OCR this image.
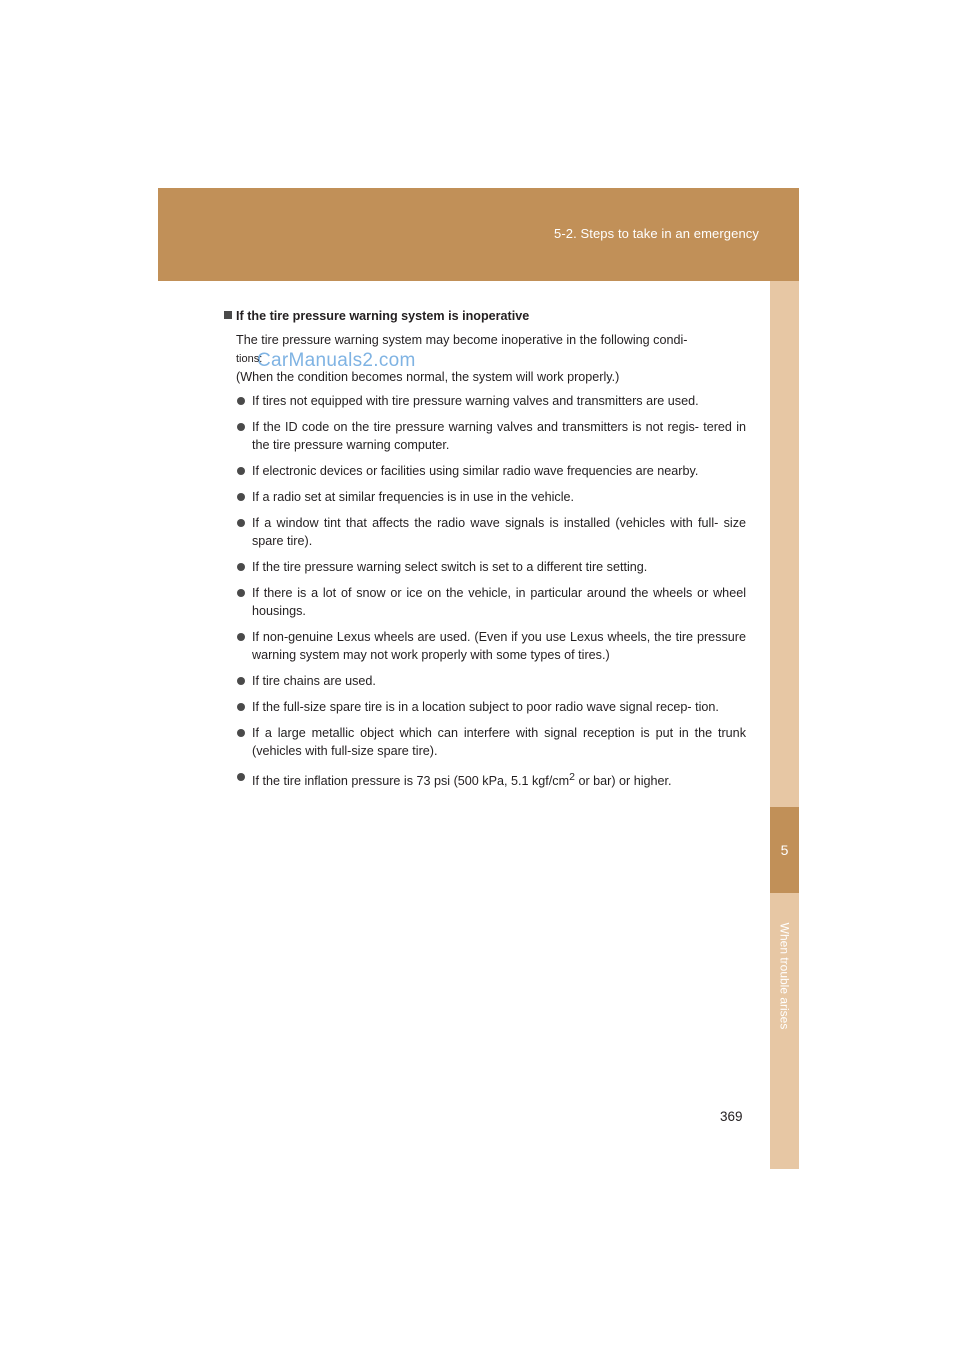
5-2. Steps to take in an emergency
5
When trouble arises
CarManuals2.com
If the tire pressure warning system is inoperative

The tire pressure warning system may become inoperative in the following condi-
tions:
(When the condition becomes normal, the system will work properly.)

If tires not equipped with tire pressure warning valves and transmitters are used.
If the ID code on the tire pressure warning valves and transmitters is not regis- tered in the tire pressure warning computer.
If electronic devices or facilities using similar radio wave frequencies are nearby.
If a radio set at similar frequencies is in use in the vehicle.
If a window tint that affects the radio wave signals is installed (vehicles with full- size spare tire).
If the tire pressure warning select switch is set to a different tire setting.
If there is a lot of snow or ice on the vehicle, in particular around the wheels or wheel housings.
If non-genuine Lexus wheels are used. (Even if you use Lexus wheels, the tire pressure warning system may not work properly with some types of tires.)
If tire chains are used.
If the full-size spare tire is in a location subject to poor radio wave signal recep- tion.
If a large metallic object which can interfere with signal reception is put in the trunk (vehicles with full-size spare tire).
If the tire inflation pressure is 73 psi (500 kPa, 5.1 kgf/$cm^2$ or bar) or higher.
369
